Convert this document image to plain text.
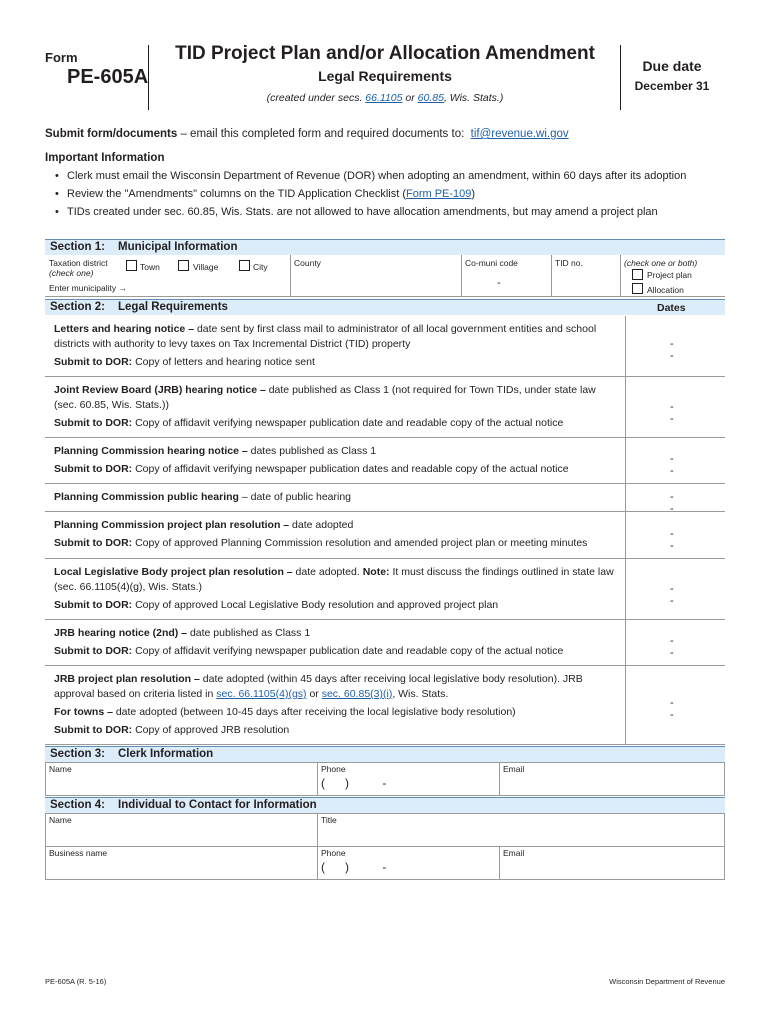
Form
PE-605A
TID Project Plan and/or Allocation Amendment
Legal Requirements
(created under secs. 66.1105 or 60.85, Wis. Stats.)
Due date
December 31
Submit form/documents – email this completed form and required documents to: tif@revenue.wi.gov
Important Information
• Clerk must email the Wisconsin Department of Revenue (DOR) when adopting an amendment, within 60 days after its adoption
• Review the "Amendments" columns on the TID Application Checklist (Form PE-109)
• TIDs created under sec. 60.85, Wis. Stats. are not allowed to have allocation amendments, but may amend a project plan
Section 1: Municipal Information
Taxation district
(check one)
Town	Village	City
Enter municipality →
County	Co-muni code
-
TID no.	(check one or both)
Project plan
Allocation
Section 2: Legal Requirements	Dates
Letters and hearing notice – date sent by first class mail to administrator of all local government entities and school districts with authority to levy taxes on Tax Incremental District (TID) property
Submit to DOR: Copy of letters and hearing notice sent
- -
Joint Review Board (JRB) hearing notice – date published as Class 1 (not required for Town TIDs, under state law (sec. 60.85, Wis. Stats.))
Submit to DOR: Copy of affidavit verifying newspaper publication date and readable copy of the actual notice
- -
Planning Commission hearing notice – dates published as Class 1
Submit to DOR: Copy of affidavit verifying newspaper publication dates and readable copy of the actual notice
- -
Planning Commission public hearing – date of public hearing	- -
Planning Commission project plan resolution – date adopted
Submit to DOR: Copy of approved Planning Commission resolution and amended project plan or meeting minutes
- -
Local Legislative Body project plan resolution – date adopted. Note: It must discuss the findings outlined in state law (sec. 66.1105(4)(g), Wis. Stats.)
Submit to DOR: Copy of approved Local Legislative Body resolution and approved project plan
- -
JRB hearing notice (2nd) – date published as Class 1
Submit to DOR: Copy of affidavit verifying newspaper publication date and readable copy of the actual notice
- -
JRB project plan resolution – date adopted (within 45 days after receiving local legislative body resolution). JRB approval based on criteria listed in sec. 66.1105(4)(gs) or sec. 60.85(3)(i), Wis. Stats.
For towns – date adopted (between 10-45 days after receiving the local legislative body resolution)
Submit to DOR: Copy of approved JRB resolution
- -
Section 3: Clerk Information
Name	Phone
(      )          -
Email
Section 4: Individual to Contact for Information
Name	Title
Business name	Phone
(      )          -
Email
PE-605A (R. 5-16)	Wisconsin Department of Revenue
